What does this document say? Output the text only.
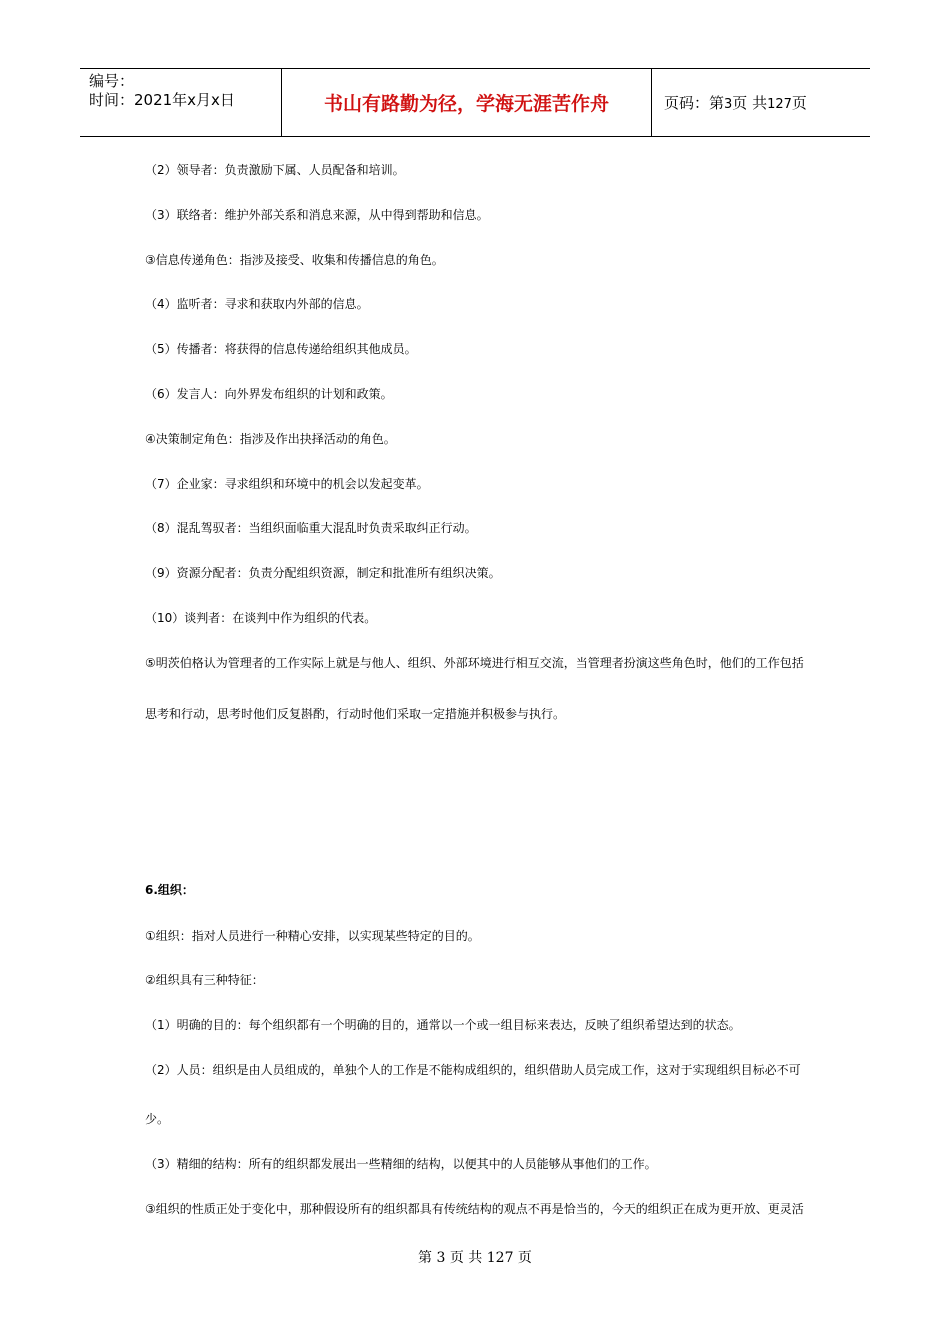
编号：
时间：2021年x月x日	书山有路勤为径，学海无涯苦作舟	页码：第3页 共127页
（2）领导者：负责激励下属、人员配备和培训。
（3）联络者：维护外部关系和消息来源，从中得到帮助和信息。
③信息传递角色：指涉及接受、收集和传播信息的角色。
（4）监听者：寻求和获取内外部的信息。
（5）传播者：将获得的信息传递给组织其他成员。
（6）发言人：向外界发布组织的计划和政策。
④决策制定角色：指涉及作出抉择活动的角色。
（7）企业家：寻求组织和环境中的机会以发起变革。
（8）混乱驾驭者：当组织面临重大混乱时负责采取纠正行动。
（9）资源分配者：负责分配组织资源，制定和批准所有组织决策。
（10）谈判者：在谈判中作为组织的代表。
⑤明茨伯格认为管理者的工作实际上就是与他人、组织、外部环境进行相互交流，当管理者扮演这些角色时，他们的工作包括
思考和行动，思考时他们反复斟酌，行动时他们采取一定措施并积极参与执行。
6.组织：
①组织：指对人员进行一种精心安排，以实现某些特定的目的。
②组织具有三种特征：
（1）明确的目的：每个组织都有一个明确的目的，通常以一个或一组目标来表达，反映了组织希望达到的状态。
（2）人员：组织是由人员组成的，单独个人的工作是不能构成组织的，组织借助人员完成工作，这对于实现组织目标必不可
少。
（3）精细的结构：所有的组织都发展出一些精细的结构，以便其中的人员能够从事他们的工作。
③组织的性质正处于变化中，那种假设所有的组织都具有传统结构的观点不再是恰当的，今天的组织正在成为更开放、更灵活
第 3 页 共 127 页
